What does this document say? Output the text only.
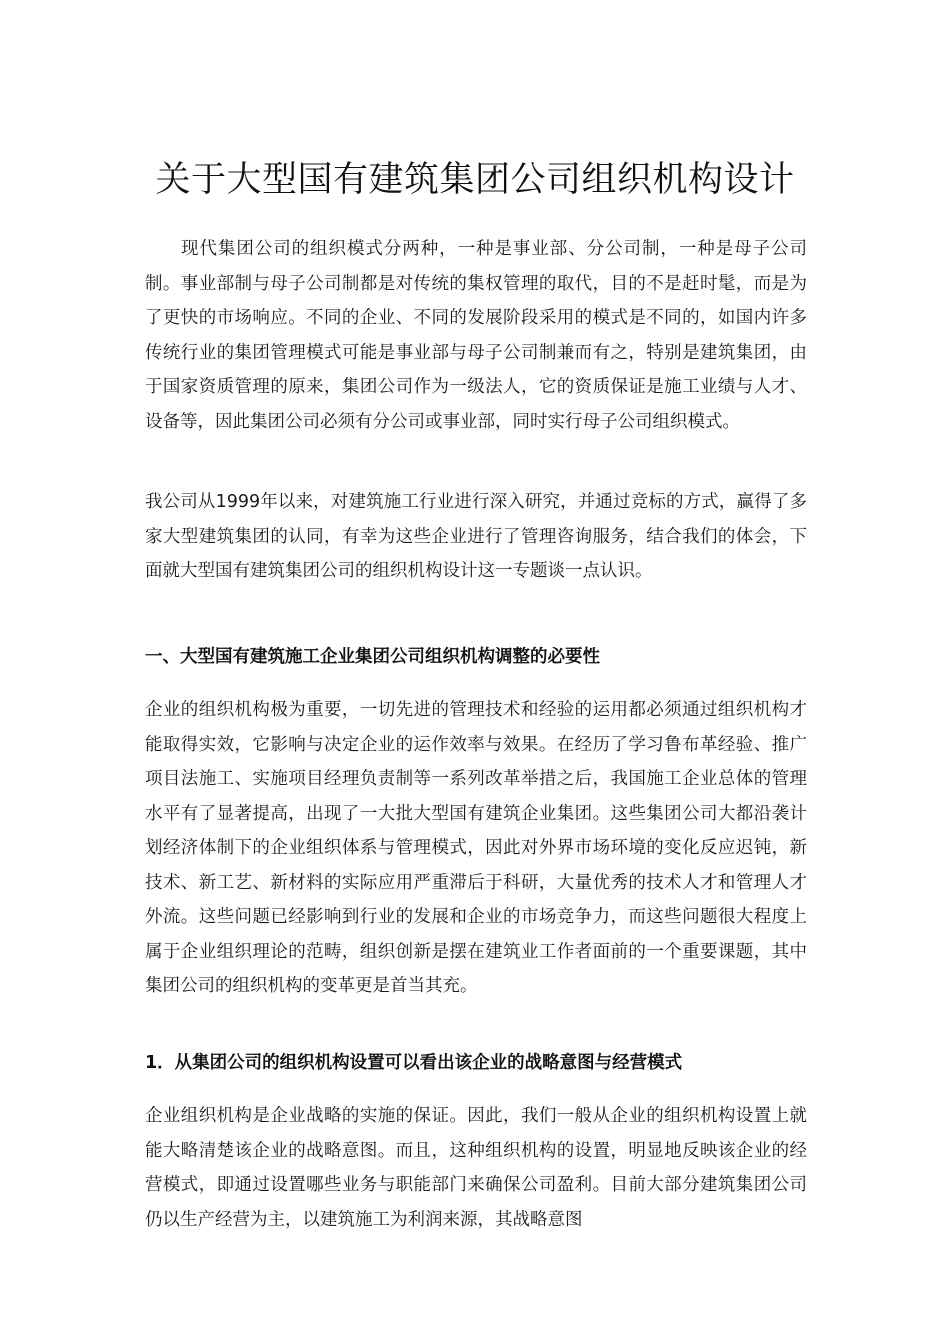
关于大型国有建筑集团公司组织机构设计

现代集团公司的组织模式分两种，一种是事业部、分公司制，一种是母子公司制。事业部制与母子公司制都是对传统的集权管理的取代，目的不是赶时髦，而是为了更快的市场响应。不同的企业、不同的发展阶段采用的模式是不同的，如国内许多传统行业的集团管理模式可能是事业部与母子公司制兼而有之，特别是建筑集团，由于国家资质管理的原来，集团公司作为一级法人，它的资质保证是施工业绩与人才、设备等，因此集团公司必须有分公司或事业部，同时实行母子公司组织模式。

我公司从1999年以来，对建筑施工行业进行深入研究，并通过竞标的方式，赢得了多家大型建筑集团的认同，有幸为这些企业进行了管理咨询服务，结合我们的体会，下面就大型国有建筑集团公司的组织机构设计这一专题谈一点认识。

一、大型国有建筑施工企业集团公司组织机构调整的必要性

企业的组织机构极为重要，一切先进的管理技术和经验的运用都必须通过组织机构才能取得实效，它影响与决定企业的运作效率与效果。在经历了学习鲁布革经验、推广项目法施工、实施项目经理负责制等一系列改革举措之后，我国施工企业总体的管理水平有了显著提高，出现了一大批大型国有建筑企业集团。这些集团公司大都沿袭计划经济体制下的企业组织体系与管理模式，因此对外界市场环境的变化反应迟钝，新技术、新工艺、新材料的实际应用严重滞后于科研，大量优秀的技术人才和管理人才外流。这些问题已经影响到行业的发展和企业的市场竞争力，而这些问题很大程度上属于企业组织理论的范畴，组织创新是摆在建筑业工作者面前的一个重要课题，其中集团公司的组织机构的变革更是首当其充。

1．从集团公司的组织机构设置可以看出该企业的战略意图与经营模式

企业组织机构是企业战略的实施的保证。因此，我们一般从企业的组织机构设置上就能大略清楚该企业的战略意图。而且，这种组织机构的设置，明显地反映该企业的经营模式，即通过设置哪些业务与职能部门来确保公司盈利。目前大部分建筑集团公司仍以生产经营为主，以建筑施工为利润来源，其战略意图
